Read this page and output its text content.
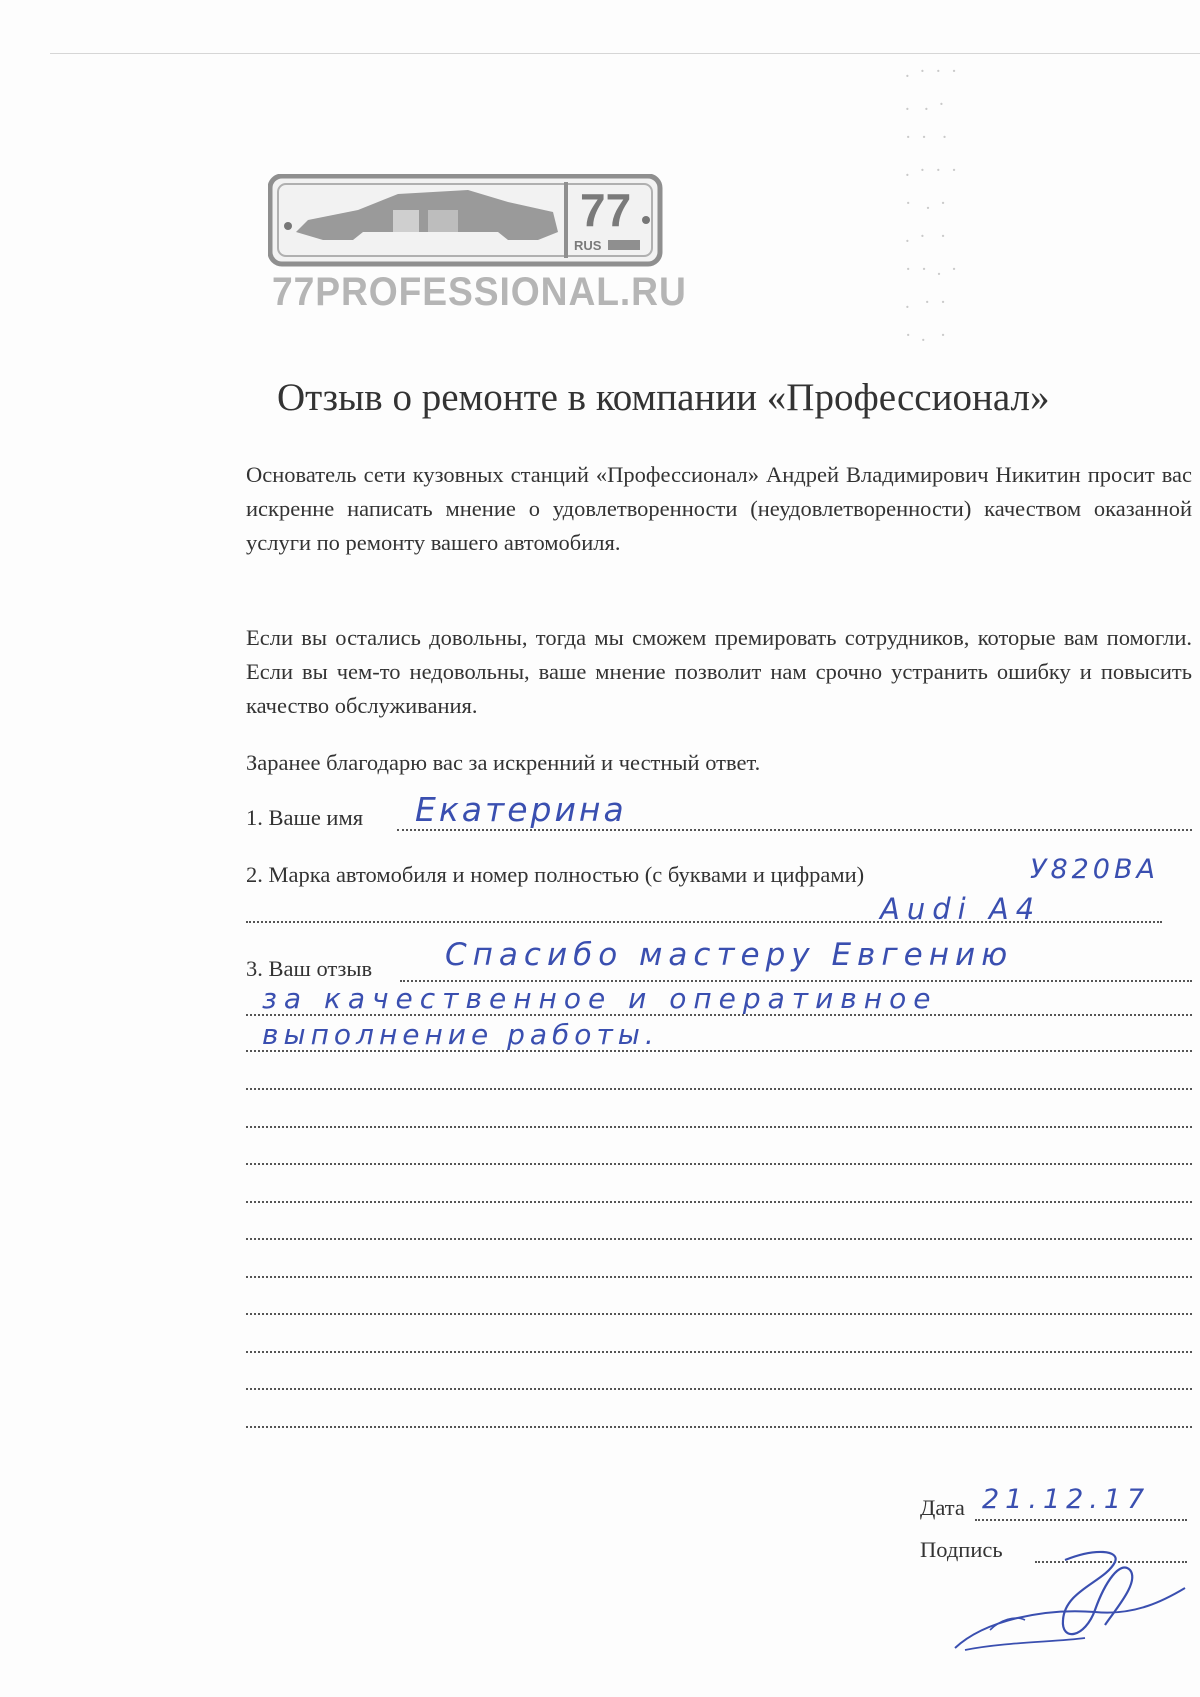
.  ·  ·  ·
.   .  ·
·  ·   ·
.  ·  ·  ·
·   .  ·
.  ·   ·
·  ·  .  ·
.   ·  ·
·  .   ·
77
RUS
77PROFESSIONAL.RU
Отзыв о ремонте в компании «Профессионал»
Основатель сети кузовных станций «Профессионал» Андрей Владимирович Никитин просит вас искренне написать мнение о удовлетворенности (неудовлетворенности) качеством оказанной услуги по ремонту вашего автомобиля.
Если вы остались довольны, тогда мы сможем премировать сотрудников, которые вам помогли. Если вы чем-то недовольны, ваше мнение позволит нам срочно устранить ошибку и повысить качество обслуживания.
Заранее благодарю вас за искренний и честный ответ.
1. Ваше имя Екатерина
2. Марка автомобиля и номер полностью (с буквами и цифрами)	У820ВА
Audi A4
3. Ваш отзыв Спасибо мастеру Евгению
за качественное и оперативное
выполнение работы.
Дата 21.12.17
Подпись
